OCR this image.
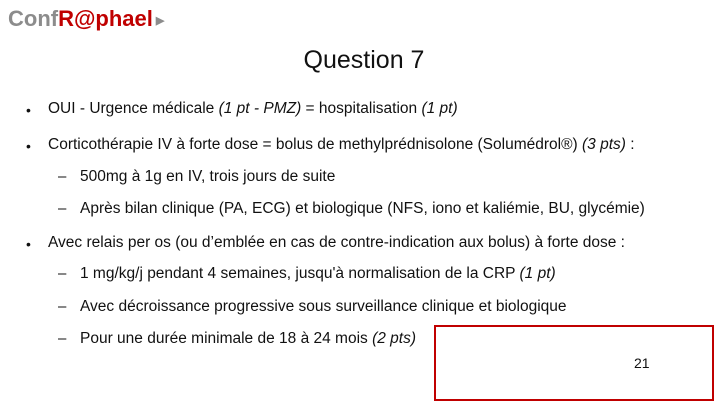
ConfR@phael ▶
Question 7
• OUI - Urgence médicale (1 pt - PMZ) = hospitalisation (1 pt)
• Corticothérapie IV à forte dose = bolus de methylprédnisolone (Solumédrol®) (3 pts) :
– 500mg à 1g en IV, trois jours de suite
– Après bilan clinique (PA, ECG) et biologique (NFS, iono et kaliémie, BU, glycémie)
• Avec relais per os (ou d’emblée en cas de contre-indication aux bolus) à forte dose :
– 1 mg/kg/j pendant 4 semaines, jusqu'à normalisation de la CRP (1 pt)
– Avec décroissance progressive sous surveillance clinique et biologique
– Pour une durée minimale de 18 à 24 mois (2 pts)
21
